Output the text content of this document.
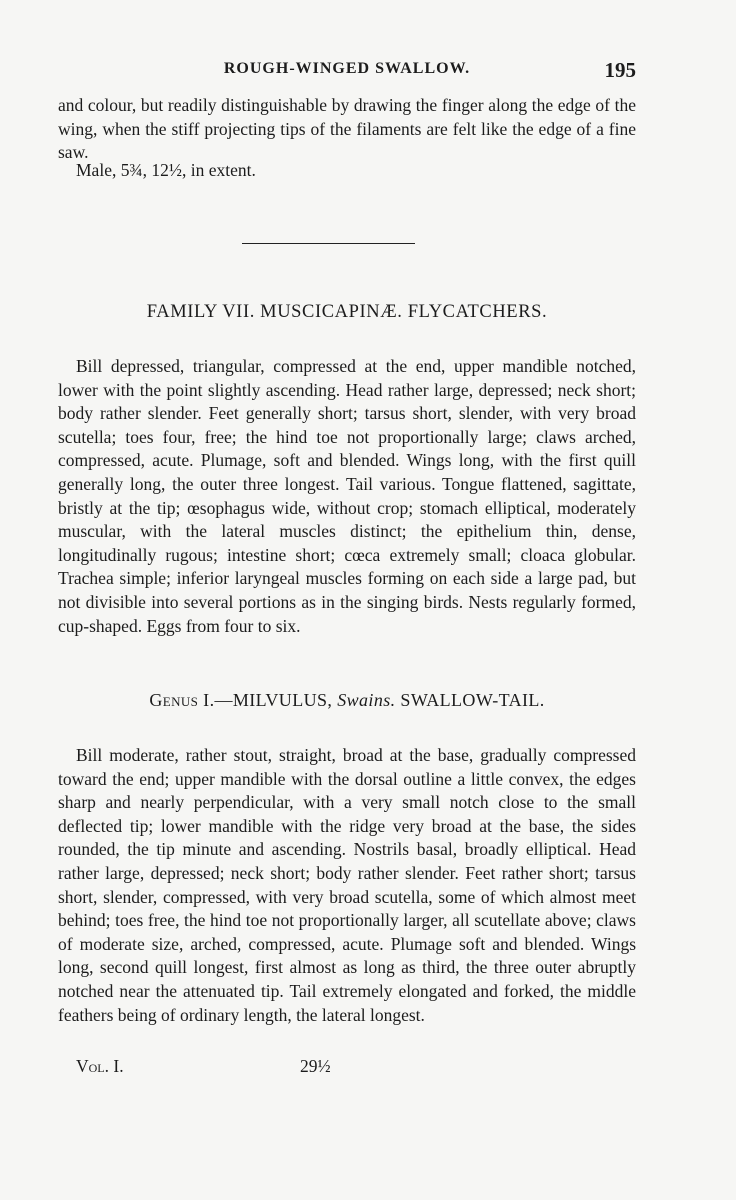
ROUGH-WINGED SWALLOW.	195

and colour, but readily distinguishable by drawing the finger along the edge of the wing, when the stiff projecting tips of the filaments are felt like the edge of a fine saw.

Male, 5¾, 12½, in extent.
FAMILY VII. MUSCICAPINÆ. FLYCATCHERS.

Bill depressed, triangular, compressed at the end, upper mandible notched, lower with the point slightly ascending. Head rather large, depressed; neck short; body rather slender. Feet generally short; tarsus short, slender, with very broad scutella; toes four, free; the hind toe not proportionally large; claws arched, compressed, acute. Plumage, soft and blended. Wings long, with the first quill generally long, the outer three longest. Tail various. Tongue flattened, sagittate, bristly at the tip; œsophagus wide, without crop; stomach elliptical, moderately muscular, with the lateral muscles distinct; the epithelium thin, dense, longitudinally rugous; intestine short; cœca extremely small; cloaca globular. Trachea simple; inferior laryngeal muscles forming on each side a large pad, but not divisible into several portions as in the singing birds. Nests regularly formed, cup-shaped. Eggs from four to six.

Genus I.—MILVULUS, Swains. SWALLOW-TAIL.

Bill moderate, rather stout, straight, broad at the base, gradually compressed toward the end; upper mandible with the dorsal outline a little convex, the edges sharp and nearly perpendicular, with a very small notch close to the small deflected tip; lower mandible with the ridge very broad at the base, the sides rounded, the tip minute and ascending. Nostrils basal, broadly elliptical. Head rather large, depressed; neck short; body rather slender. Feet rather short; tarsus short, slender, compressed, with very broad scutella, some of which almost meet behind; toes free, the hind toe not proportionally larger, all scutellate above; claws of moderate size, arched, compressed, acute. Plumage soft and blended. Wings long, second quill longest, first almost as long as third, the three outer abruptly notched near the attenuated tip. Tail extremely elongated and forked, the middle feathers being of ordinary length, the lateral longest.

Vol. I.	29½
